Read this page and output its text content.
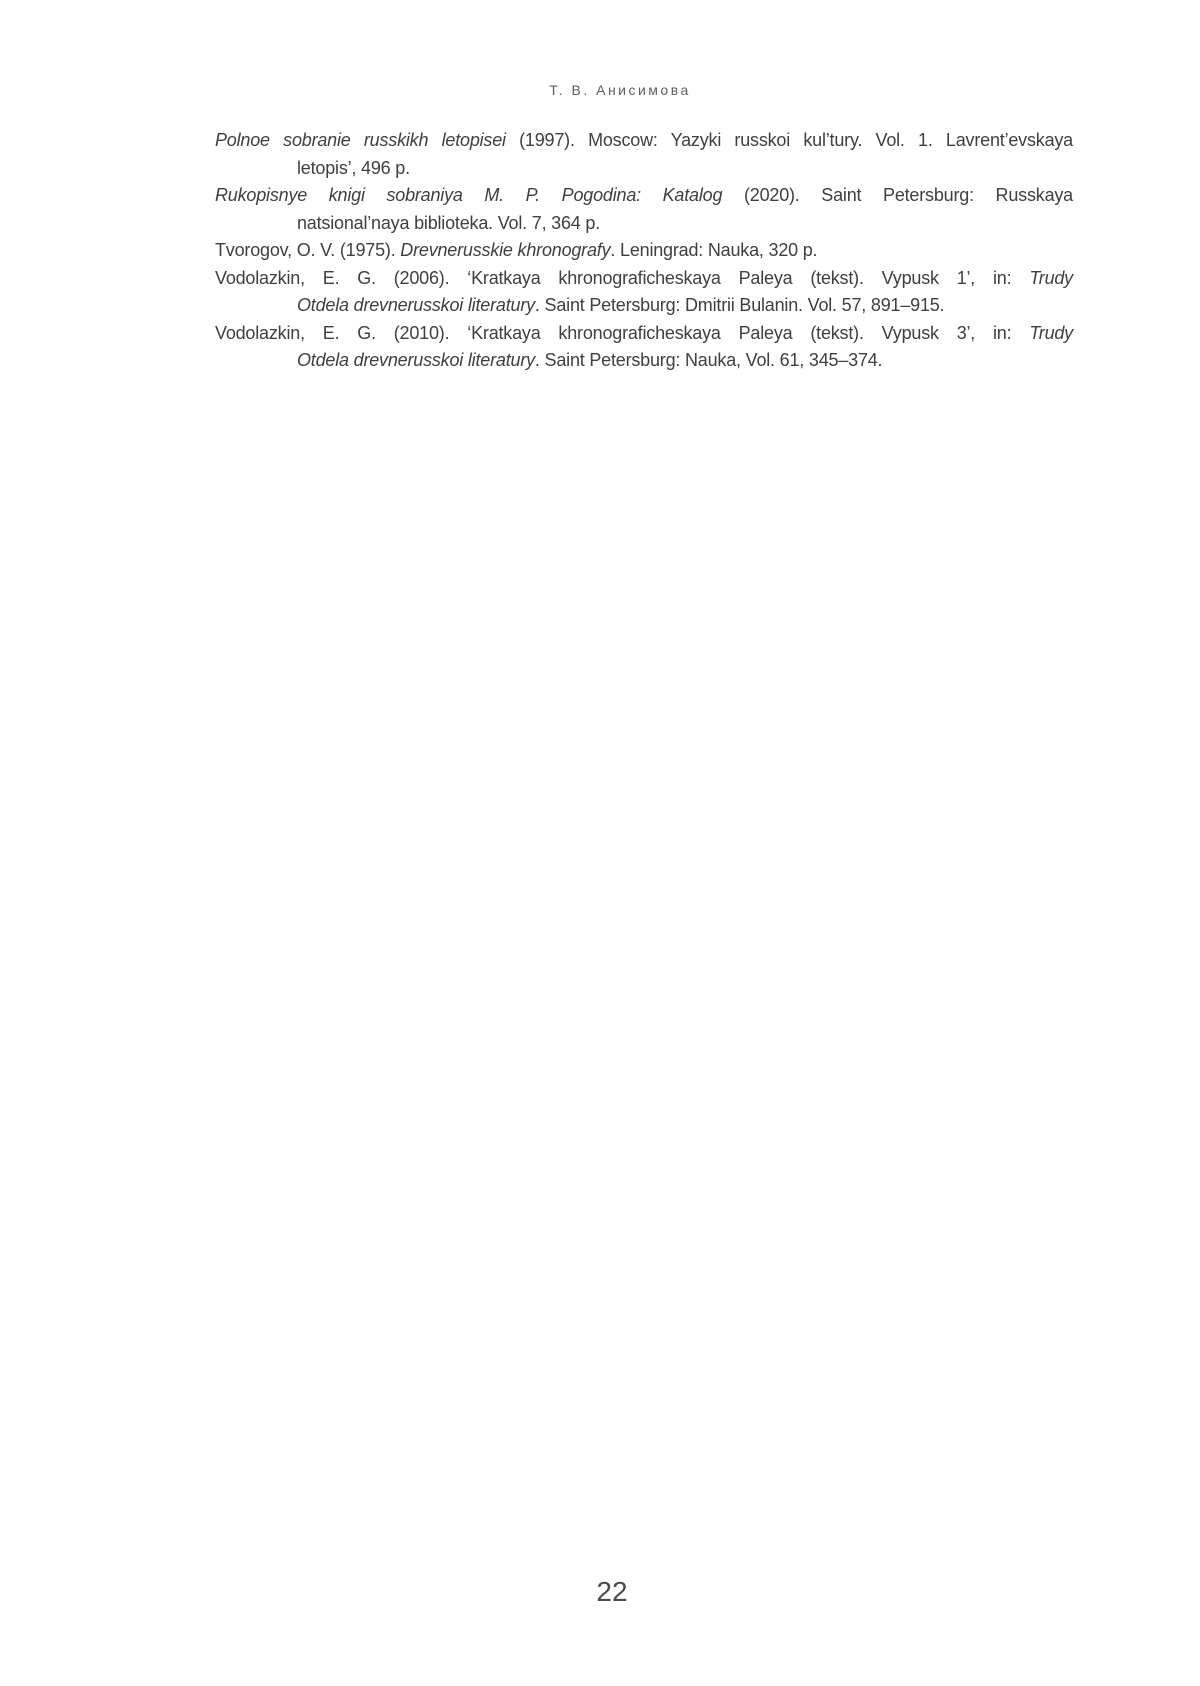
Т. В. Анисимова
Polnoe sobranie russkikh letopisei (1997). Moscow: Yazyki russkoi kul’tury. Vol. 1. Lavrent’evskaya
letopis’, 496 p.
Rukopisnye knigi sobraniya M. P. Pogodina: Katalog (2020). Saint Petersburg: Russkaya
natsional’naya biblioteka. Vol. 7, 364 p.
Tvorogov, O. V. (1975). Drevnerusskie khronografy. Leningrad: Nauka, 320 p.
Vodolazkin, E. G. (2006). ‘Kratkaya khronograficheskaya Paleya (tekst). Vypusk 1’, in: Trudy
Otdela drevnerusskoi literatury. Saint Petersburg: Dmitrii Bulanin. Vol. 57, 891–915.
Vodolazkin, E. G. (2010). ‘Kratkaya khronograficheskaya Paleya (tekst). Vypusk 3’, in: Trudy
Otdela drevnerusskoi literatury. Saint Petersburg: Nauka, Vol. 61, 345–374.
22
